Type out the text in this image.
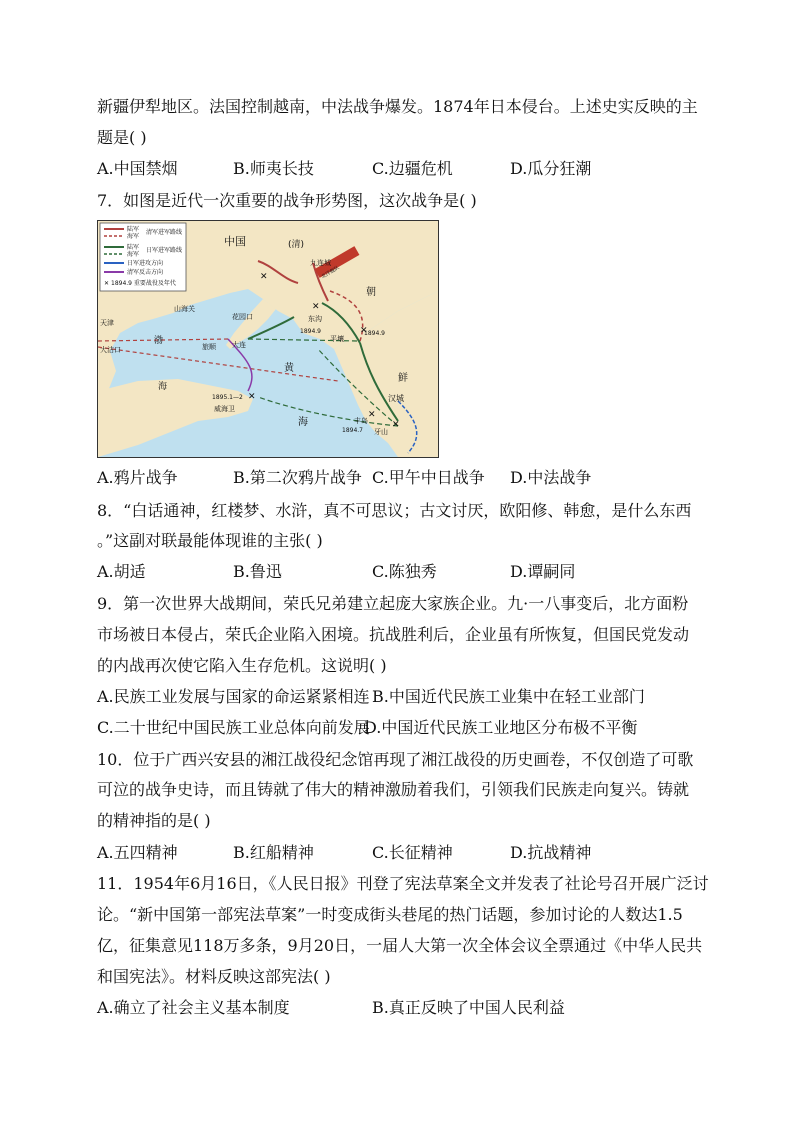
新疆伊犁地区。法国控制越南，中法战争爆发。1874年日本侵台。上述史实反映的主
题是( )
A.中国禁烟	B.师夷长技	C.边疆危机	D.瓜分狂潮
7．如图是近代一次重要的战争形势图，这次战争是( )
✕
陆军
海军
清军进军路线
陆军
海军
日军进军路线
日军进攻方向
清军反击方向
1894.9 重要战役及年代
✕
✕
✕
✕
✕
✕
中国	(清)
九连城
朝
鲜
山海关
天津
大沽口
渤
海
花园口	东沟
1894.9
旅顺 大连
黄
海
平壤
1894.9
汉城
威海卫
1895.1—2
丰岛
1894.7 牙山
北洋舰队
A.鸦片战争	B.第二次鸦片战争 C.甲午中日战争 D.中法战争
8．“白话通神，红楼梦、水浒，真不可思议；古文讨厌，欧阳修、韩愈，是什么东西
。”这副对联最能体现谁的主张( )
A.胡适	B.鲁迅	C.陈独秀	D.谭嗣同
9．第一次世界大战期间，荣氏兄弟建立起庞大家族企业。九·一八事变后，北方面粉
市场被日本侵占，荣氏企业陷入困境。抗战胜利后，企业虽有所恢复，但国民党发动
的内战再次使它陷入生存危机。这说明( )
A.民族工业发展与国家的命运紧紧相连 B.中国近代民族工业集中在轻工业部门
C.二十世纪中国民族工业总体向前发展
D.中国近代民族工业地区分布极不平衡
10．位于广西兴安县的湘江战役纪念馆再现了湘江战役的历史画卷，不仅创造了可歌
可泣的战争史诗，而且铸就了伟大的精神激励着我们，引领我们民族走向复兴。铸就
的精神指的是( )
A.五四精神	B.红船精神	C.长征精神	D.抗战精神
11．1954年6月16日，《人民日报》刊登了宪法草案全文并发表了社论号召开展广泛讨
论。“新中国第一部宪法草案”一时变成街头巷尾的热门话题，参加讨论的人数达1.5
亿，征集意见118万多条，9月20日，一届人大第一次全体会议全票通过《中华人民共
和国宪法》。材料反映这部宪法( )
A.确立了社会主义基本制度	B.真正反映了中国人民利益
